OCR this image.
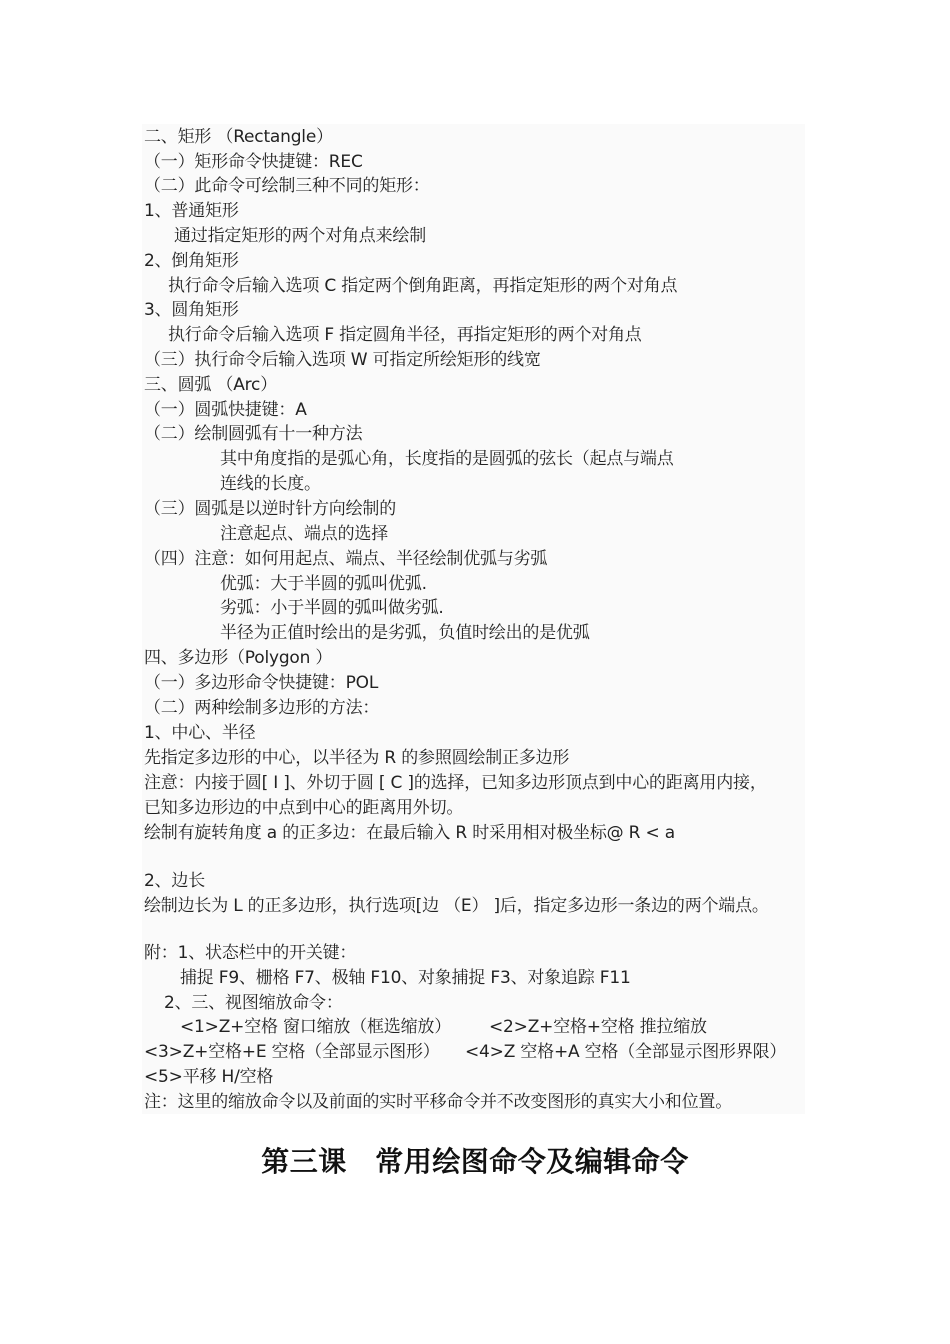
二、矩形 （Rectangle）
（一）矩形命令快捷键：REC
（二）此命令可绘制三种不同的矩形：
1、普通矩形
通过指定矩形的两个对角点来绘制
2、倒角矩形
执行命令后输入选项 C 指定两个倒角距离，再指定矩形的两个对角点
3、圆角矩形
执行命令后输入选项 F 指定圆角半径，再指定矩形的两个对角点
（三）执行命令后输入选项 W 可指定所绘矩形的线宽
三、圆弧 （Arc）
（一）圆弧快捷键：A
（二）绘制圆弧有十一种方法
其中角度指的是弧心角，长度指的是圆弧的弦长（起点与端点
连线的长度。
（三）圆弧是以逆时针方向绘制的
注意起点、端点的选择
（四）注意：如何用起点、端点、半径绘制优弧与劣弧
优弧：大于半圆的弧叫优弧.
劣弧：小于半圆的弧叫做劣弧.
半径为正值时绘出的是劣弧，负值时绘出的是优弧
四、多边形（Polygon ）
（一）多边形命令快捷键：POL
（二）两种绘制多边形的方法：
1、中心、半径
先指定多边形的中心，以半径为 R 的参照圆绘制正多边形
注意：内接于圆[ I ]、外切于圆 [ C ]的选择，已知多边形顶点到中心的距离用内接，
已知多边形边的中点到中心的距离用外切。
绘制有旋转角度 a 的正多边：在最后输入 R 时采用相对极坐标@ R < a
2、边长
绘制边长为 L 的正多边形，执行选项[边 （E） ]后，指定多边形一条边的两个端点。
附：1、状态栏中的开关键：
捕捉 F9、栅格 F7、极轴 F10、对象捕捉 F3、对象追踪 F11
2、三、视图缩放命令：
<1>Z+空格 窗口缩放（框选缩放） <2>Z+空格+空格 推拉缩放
<3>Z+空格+E 空格（全部显示图形） <4>Z 空格+A 空格（全部显示图形界限）
<5>平移 H/空格
注：这里的缩放命令以及前面的实时平移命令并不改变图形的真实大小和位置。
第三课　常用绘图命令及编辑命令
